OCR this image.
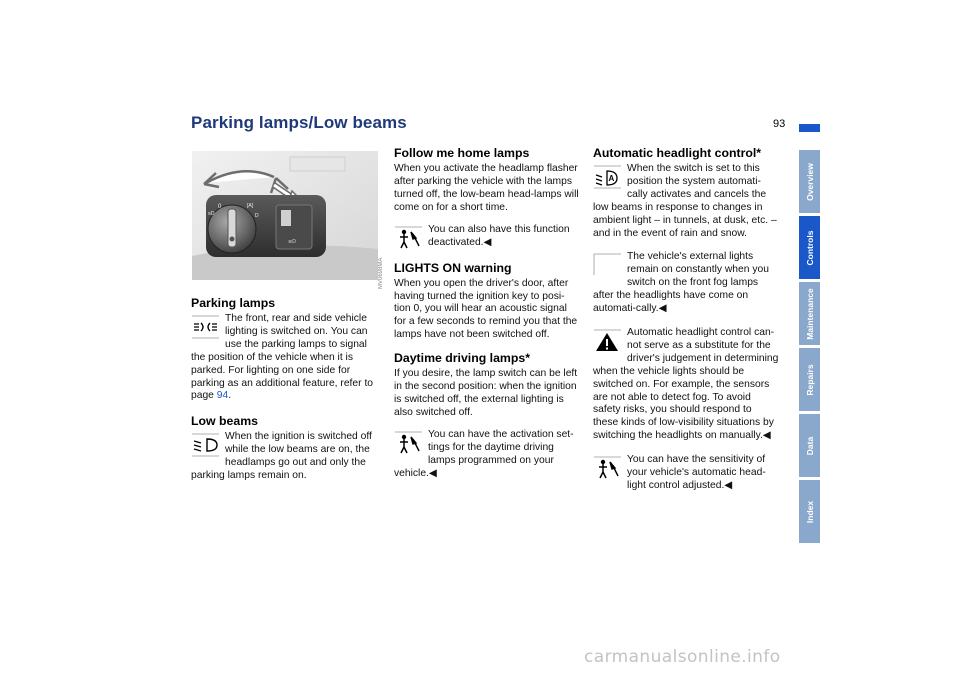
Parking lamps/Low beams	93
Overview
Controls
Maintenance
Repairs
Data
Index
0
≡D
[A]
D
≋D
MV0698MA
Parking lamps
The front, rear and side vehicle lighting is switched on. You can use the parking lamps to signal the position of the vehicle when it is parked. For lighting on one side for parking as an additional feature, refer to page 94.
Low beams
When the ignition is switched off while the low beams are on, the headlamps go out and only the parking lamps remain on.
Follow me home lamps

When you activate the headlamp flasher after parking the vehicle with the lamps turned off, the low-beam head-lamps will come on for a short time.

You can also have this function deactivated.◀
LIGHTS ON warning

When you open the driver's door, after having turned the ignition key to posi-tion 0, you will hear an acoustic signal for a few seconds to remind you that the lamps have not been switched off.

Daytime driving lamps*

If you desire, the lamp switch can be left in the second position: when the ignition is switched off, the external lighting is also switched off.

You can have the activation set-tings for the daytime driving lamps programmed on your vehicle.◀
Automatic headlight control*
A
When the switch is set to this position the system automati-cally activates and cancels the low beams in response to changes in ambient light – in tunnels, at dusk, etc. – and in the event of rain and snow.
The vehicle's external lights remain on constantly when you switch on the front fog lamps after the headlights have come on automati-cally.◀
Automatic headlight control can-not serve as a substitute for the driver's judgement in determining when the vehicle lights should be switched on. For example, the sensors are not able to detect fog. To avoid safety risks, you should respond to these kinds of low-visibility situations by switching the headlights on manually.◀
You can have the sensitivity of your vehicle's automatic head-light control adjusted.◀
carmanualsonline.info
